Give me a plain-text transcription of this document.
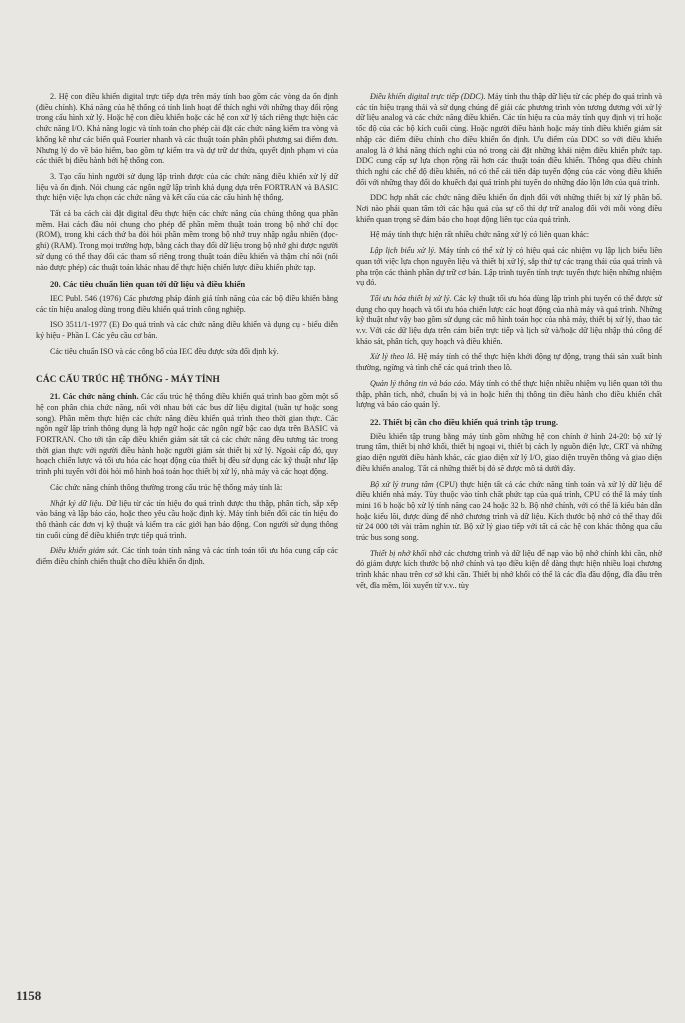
2. Hệ con điều khiển digital trực tiếp dựa trên máy tính bao gồm các vòng da ổn định (điều chỉnh). Khả năng của hệ thống có tính linh hoạt để thích nghi với những thay đổi rộng trong cấu hình xử lý. Hoặc hệ con điều khiển hoặc các hệ con xử lý tách riêng thực hiện các chức năng I/O. Khả năng logic và tính toán cho phép cài đặt các chức năng kiểm tra vòng và khống kê như các biến quả Fourier nhanh và các thuật toán phân phối phương sai điểm đơn. Nhưng lý do về bảo hiểm, bao gồm tự kiểm tra và dự trữ dư thừa, quyết định phạm vi của các thiết bị điều hành bởi hệ thống con.

3. Tạo cấu hình người sử dụng lập trình được của các chức năng điều khiển xử lý dữ liệu và ổn định. Nói chung các ngôn ngữ lập trình khả dụng dựa trên FORTRAN và BASIC thực hiện việc lựa chọn các chức năng và kết cấu của các cấu hình hệ thống.

Tất cả ba cách cài đặt digital đều thực hiện các chức năng của chúng thông qua phần mềm. Hai cách đầu nói chung cho phép để phần mềm thuật toán trong bộ nhớ chỉ đọc (ROM), trong khi cách thứ ba đòi hỏi phần mềm trong bộ nhớ truy nhập ngẫu nhiên (đọc-ghi) (RAM). Trong mọi trường hợp, bằng cách thay đổi dữ liệu trong bộ nhớ ghi được người sử dụng có thể thay đổi các tham số riêng trong thuật toán điều khiển và thậm chí nối (nối nào được phép) các thuật toán khác nhau để thực hiện chiến lược điều khiển phức tạp.

20. Các tiêu chuẩn liên quan tới dữ liệu và điều khiển

IEC Publ. 546 (1976) Các phương pháp đánh giá tính năng của các bộ điều khiển bằng các tín hiệu analog dùng trong điều khiển quá trình công nghiệp.

ISO 3511/1-1977 (E) Đo quá trình và các chức năng điều khiển và dụng cụ - biểu diễn ký hiệu - Phần I. Các yêu cầu cơ bản.

Các tiêu chuẩn ISO và các công bố của IEC đều được sửa đổi định kỳ.

CÁC CẤU TRÚC HỆ THỐNG - MÁY TÍNH

21. Các chức năng chính. Các cấu trúc hệ thống điều khiển quá trình bao gồm một số hệ con phân chia chức năng, nối với nhau bởi các bus dữ liệu digital (tuần tự hoặc song song). Phần mềm thực hiện các chức năng điều khiển quá trình theo thời gian thực. Các ngôn ngữ lập trình thông dụng là hợp ngữ hoặc các ngôn ngữ bậc cao dựa trên BASIC và FORTRAN. Cho tới tận cấp điều khiển giám sát tất cả các chức năng đều tương tác trong thời gian thực với người điều hành hoặc người giám sát thiết bị xử lý. Ngoài cấp đó, quy hoạch chiến lược và tối ưu hóa các hoạt động của thiết bị đều sử dụng các kỹ thuật như lập trình phi tuyến với đòi hỏi mô hình hoá toán học thiết bị xử lý, nhà máy và các hoạt động.

Các chức năng chính thông thường trong cấu trúc hệ thống máy tính là:

Nhật ký dữ liệu. Dữ liệu từ các tín hiệu đo quá trình được thu thập, phân tích, sắp xếp vào bảng và lập báo cáo, hoặc theo yêu cầu hoặc định kỳ. Máy tính biến đổi các tín hiệu đo thô thành các đơn vị kỹ thuật và kiểm tra các giới hạn báo động. Con người sử dụng thông tin cuối cùng để điều khiển trực tiếp quá trình.

Điều khiển giám sát. Các tính toán tính năng và các tính toán tối ưu hóa cung cấp các điểm điều chỉnh chiến thuật cho điều khiển ổn định.

Điều khiển digital trực tiếp (DDC). Máy tính thu thập dữ liệu từ các phép đo quá trình và các tín hiệu trạng thái và sử dụng chúng để giải các phương trình vòn tương đương với xử lý dữ liệu analog và các chức năng điều khiển. Các tín hiệu ra của máy tính quy định vị trí hoặc tốc độ của các bộ kích cuối cùng. Hoặc người điều hành hoặc máy tính điều khiển giám sát nhập các điểm điều chỉnh cho điều khiển ổn định. Ưu điểm của DDC so với điều khiển analog là ở khả năng thích nghi của nó trong cài đặt những khái niệm điều khiển phức tạp. DDC cung cấp sự lựa chọn rộng rãi hơn các thuật toán điều khiển. Thông qua điều chỉnh thích nghi các chế độ điều khiển, nó có thể cải tiến đáp tuyến động của các vòng điều khiển đối với những thay đổi do khuếch đại quá trình phi tuyến do những đảo lộn lớn của quá trình.

DDC hợp nhất các chức năng điều khiển ổn định đối với những thiết bị xử lý phân bố. Nơi nào phải quan tâm tới các hậu quả của sự cố thì dự trữ analog đối với mỗi vòng điều khiển quan trọng sẽ đảm bảo cho hoạt động liên tục của quá trình.

Hệ máy tính thực hiện rất nhiều chức năng xử lý có liên quan khác:

Lập lịch biểu xử lý. Máy tính có thể xử lý có hiệu quả các nhiệm vụ lập lịch biểu liên quan tới việc lựa chọn nguyên liệu và thiết bị xử lý, sắp thứ tự các trạng thái của quá trình và pha trộn các thành phần dự trữ cơ bản. Lập trình tuyến tính trực tuyến thực hiện những nhiệm vụ đó.

Tối ưu hóa thiết bị xử lý. Các kỹ thuật tối ưu hóa dùng lập trình phi tuyến có thể được sử dụng cho quy hoạch và tối ưu hóa chiến lược các hoạt động của nhà máy và quá trình. Những kỹ thuật như vậy bao gồm sử dụng các mô hình toán học của nhà máy, thiết bị xử lý, thao tác v.v. Với các dữ liệu dựa trên cảm biến trực tiếp và lịch sử và/hoặc dữ liệu nhập thủ công để khảo sát, phân tích, quy hoạch và điều khiển.

Xử lý theo lô. Hệ máy tính có thể thực hiện khởi động tự động, trạng thái sản xuất bình thường, ngừng và tình chế các quá trình theo lô.

Quản lý thông tin và báo cáo. Máy tính có thể thực hiện nhiều nhiệm vụ liên quan tới thu thập, phân tích, nhớ, chuẩn bị và in hoặc hiển thị thông tin điều hành cho điều khiển chất lượng và báo cáo quản lý.

22. Thiết bị cần cho điều khiển quá trình tập trung.

Điều khiển tập trung bằng máy tính gồm những hệ con chính ở hình 24-20: bộ xử lý trung tâm, thiết bị nhớ khối, thiết bị ngoại vi, thiết bị cách ly nguồn điện lực, CRT và những giao diện người điều hành khác, các giao diện xử lý I/O, giao diện truyền thông và giao diện điều khiển analog. Tất cả những thiết bị đó sẽ được mô tả dưới đây.

Bộ xử lý trung tâm (CPU) thực hiện tất cả các chức năng tính toán và xử lý dữ liệu để điều khiển nhà máy. Tùy thuộc vào tính chất phức tạp của quá trình, CPU có thể là máy tính mini 16 b hoặc bộ xử lý tính năng cao 24 hoặc 32 b. Bộ nhớ chính, với có thể là kiểu bán dẫn hoặc kiểu lõi, được dùng để nhớ chương trình và dữ liệu. Kích thước bộ nhớ có thể thay đổi từ 24 000 tới vài trăm nghìn từ. Bộ xử lý giao tiếp với tất cả các hệ con khác thông qua cấu trúc bus song song.

Thiết bị nhớ khối nhớ các chương trình và dữ liệu để nạp vào bộ nhớ chính khi cần, nhờ đó giảm được kích thước bộ nhớ chính và tạo điều kiện dễ dàng thực hiện nhiều loại chương trình khác nhau trên cơ sở khi cần. Thiết bị nhớ khối có thể là các đĩa đầu động, đĩa đầu trên vết, đĩa mềm, lõi xuyến từ v.v.. tùy

1158
